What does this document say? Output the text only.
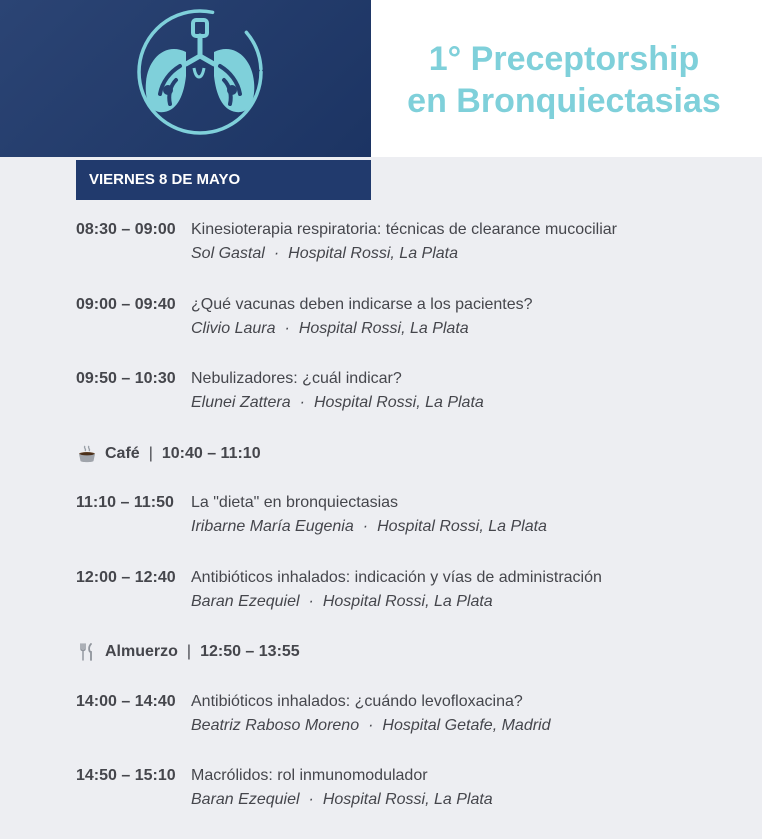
1° Preceptorship
en Bronquiectasias
VIERNES 8 DE MAYO
08:30 – 09:00 Kinesioterapia respiratoria: técnicas de clearance mucociliar
Sol Gastal · Hospital Rossi, La Plata
09:00 – 09:40 ¿Qué vacunas deben indicarse a los pacientes?
Clivio Laura · Hospital Rossi, La Plata
09:50 – 10:30 Nebulizadores: ¿cuál indicar?
Elunei Zattera · Hospital Rossi, La Plata
Café | 10:40 – 11:10
11:10 – 11:50 La "dieta" en bronquiectasias
Iribarne María Eugenia · Hospital Rossi, La Plata
12:00 – 12:40 Antibióticos inhalados: indicación y vías de administración
Baran Ezequiel · Hospital Rossi, La Plata
Almuerzo | 12:50 – 13:55
14:00 – 14:40 Antibióticos inhalados: ¿cuándo levofloxacina?
Beatriz Raboso Moreno · Hospital Getafe, Madrid
14:50 – 15:10 Macrólidos: rol inmunomodulador
Baran Ezequiel · Hospital Rossi, La Plata
